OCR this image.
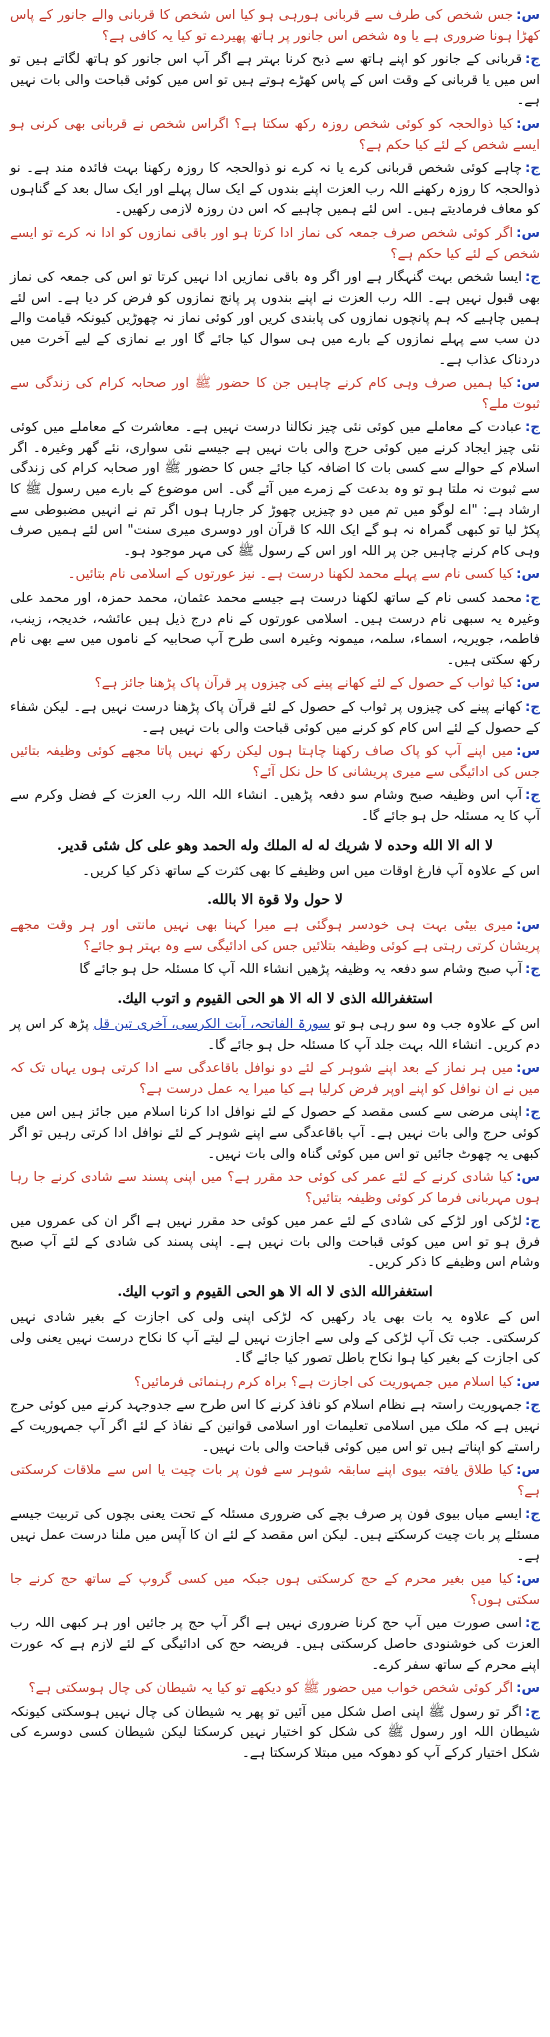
س:جس شخص کی طرف سے قربانی ہورہی ہو کیا اس شخص کا قربانی والے جانور کے پاس کھڑا ہونا ضروری ہے یا وہ شخص اس جانور پر ہاتھ پھیردے تو کیا یہ کافی ہے؟

ج:قربانی کے جانور کو اپنے ہاتھ سے ذبح کرنا بہتر ہے اگر آپ اس جانور کو ہاتھ لگاتے ہیں تو اس میں یا قربانی کے وقت اس کے پاس کھڑے ہوتے ہیں تو اس میں کوئی قباحت والی بات نہیں ہے۔

س:کیا ذوالحجہ کو کوئی شخص روزہ رکھ سکتا ہے؟ اگراس شخص نے قربانی بھی کرنی ہو ایسے شخص کے لئے کیا حکم ہے؟

ج:چاہے کوئی شخص قربانی کرے یا نہ کرے نو ذوالحجہ کا روزہ رکھنا بہت فائدہ مند ہے۔ نو ذوالحجہ کا روزہ رکھنے اللہ رب العزت اپنے بندوں کے ایک سال پہلے اور ایک سال بعد کے گناہوں کو معاف فرمادیتے ہیں۔ اس لئے ہمیں چاہیے کہ اس دن روزہ لازمی رکھیں۔

س:اگر کوئی شخص صرف جمعہ کی نماز ادا کرتا ہو اور باقی نمازوں کو ادا نہ کرے تو ایسے شخص کے لئے کیا حکم ہے؟

ج:ایسا شخص بہت گنہگار ہے اور اگر وہ باقی نمازیں ادا نہیں کرتا تو اس کی جمعہ کی نماز بھی قبول نہیں ہے۔ اللہ رب العزت نے اپنے بندوں پر پانچ نمازوں کو فرض کر دیا ہے۔ اس لئے ہمیں چاہیے کہ ہم پانچوں نمازوں کی پابندی کریں اور کوئی نماز نہ چھوڑیں کیونکہ قیامت والے دن سب سے پہلے نمازوں کے بارے میں ہی سوال کیا جائے گا اور بے نمازی کے لیے آخرت میں دردناک عذاب ہے۔

س:کیا ہمیں صرف وہی کام کرنے چاہیں جن کا حضور ﷺ اور صحابہ کرام کی زندگی سے ثبوت ملے؟

ج:عبادت کے معاملے میں کوئی نئی چیز نکالنا درست نہیں ہے۔ معاشرت کے معاملے میں کوئی نئی چیز ایجاد کرنے میں کوئی حرج والی بات نہیں ہے جیسے نئی سواری، نئے گھر وغیرہ۔ اگر اسلام کے حوالے سے کسی بات کا اضافہ کیا جائے جس کا حضور ﷺ اور صحابہ کرام کی زندگی سے ثبوت نہ ملتا ہو تو وہ بدعت کے زمرے میں آئے گی۔ اس موضوع کے بارے میں رسول ﷺ کا ارشاد ہے: "اے لوگو میں تم میں دو چیزیں چھوڑ کر جارہا ہوں اگر تم نے انہیں مضبوطی سے پکڑ لیا تو کبھی گمراہ نہ ہو گے ایک اللہ کا قرآن اور دوسری میری سنت" اس لئے ہمیں صرف وہی کام کرنے چاہیں جن پر اللہ اور اس کے رسول ﷺ کی مہر موجود ہو۔

س:کیا کسی نام سے پہلے محمد لکھنا درست ہے۔ نیز عورتوں کے اسلامی نام بتائیں۔

ج:محمد کسی نام کے ساتھ لکھنا درست ہے جیسے محمد عثمان، محمد حمزہ، اور محمد علی وغیرہ یہ سبھی نام درست ہیں۔ اسلامی عورتوں کے نام درج ذیل ہیں عائشہ، خدیجہ، زینب، فاطمہ، جویریہ، اسماء، سلمہ، میمونہ وغیرہ اسی طرح آپ صحابیہ کے ناموں میں سے بھی نام رکھ سکتی ہیں۔

س:کیا ثواب کے حصول کے لئے کھانے پینے کی چیزوں پر قرآن پاک پڑھنا جائز ہے؟

ج:کھانے پینے کی چیزوں پر ثواب کے حصول کے لئے قرآن پاک پڑھنا درست نہیں ہے۔ لیکن شفاء کے حصول کے لئے اس کام کو کرنے میں کوئی قباحت والی بات نہیں ہے۔

س:میں اپنے آپ کو پاک صاف رکھنا چاہتا ہوں لیکن رکھ نہیں پاتا مجھے کوئی وظیفہ بتائیں جس کی ادائیگی سے میری پریشانی کا حل نکل آئے؟

ج:آپ اس وظیفہ صبح وشام سو دفعہ پڑھیں۔ انشاء اللہ اللہ رب العزت کے فضل وکرم سے آپ کا یہ مسئلہ حل ہو جائے گا۔

لا اله الا الله وحده لا شريك له له الملك وله الحمد وهو على كل شئی قدير.

اس کے علاوہ آپ فارغ اوقات میں اس وظیفے کا بھی کثرت کے ساتھ ذکر کیا کریں۔

لا حول ولا قوة الا بالله.

س:میری بیٹی بہت ہی خودسر ہوگئی ہے میرا کہنا بھی نہیں مانتی اور ہر وقت مجھے پریشان کرتی رہتی ہے کوئی وظیفہ بتلائیں جس کی ادائیگی سے وہ بہتر ہو جائے؟

ج:آپ صبح وشام سو دفعہ یہ وظیفہ پڑھیں انشاء اللہ آپ کا مسئلہ حل ہو جائے گا

استغفرالله الذی لا اله الا هو الحی القيوم و اتوب اليك.

اس کے علاوہ جب وہ سو رہی ہو تو سورۃ الفاتحہ، آیت الکرسی، آخری تین قل پڑھ کر اس پر دم کریں۔ انشاء اللہ بہت جلد آپ کا مسئلہ حل ہو جائے گا۔

س:میں ہر نماز کے بعد اپنے شوہر کے لئے دو نوافل باقاعدگی سے ادا کرتی ہوں یہاں تک کہ میں نے ان نوافل کو اپنے اوپر فرض کرلیا ہے کیا میرا یہ عمل درست ہے؟

ج:اپنی مرضی سے کسی مقصد کے حصول کے لئے نوافل ادا کرنا اسلام میں جائز ہیں اس میں کوئی حرج والی بات نہیں ہے۔ آپ باقاعدگی سے اپنے شوہر کے لئے نوافل ادا کرتی رہیں تو اگر کبھی یہ چھوٹ جائیں تو اس میں کوئی گناہ والی بات نہیں۔

س:کیا شادی کرنے کے لئے عمر کی کوئی حد مقرر ہے؟ میں اپنی پسند سے شادی کرنے جا رہا ہوں مہربانی فرما کر کوئی وظیفہ بتائیں؟

ج:لڑکی اور لڑکے کی شادی کے لئے عمر میں کوئی حد مقرر نہیں ہے اگر ان کی عمروں میں فرق ہو تو اس میں کوئی قباحت والی بات نہیں ہے۔ اپنی پسند کی شادی کے لئے آپ صبح وشام اس وظیفے کا ذکر کریں۔

استغفرالله الذی لا اله الا هو الحی القيوم و اتوب اليك.

اس کے علاوہ یہ بات بھی یاد رکھیں کہ لڑکی اپنی ولی کی اجازت کے بغیر شادی نہیں کرسکتی۔ جب تک آپ لڑکی کے ولی سے اجازت نہیں لے لیتے آپ کا نکاح درست نہیں یعنی ولی کی اجازت کے بغیر کیا ہوا نکاح باطل تصور کیا جائے گا۔

س:کیا اسلام میں جمہوریت کی اجازت ہے؟ براہ کرم رہنمائی فرمائیں؟

ج:جمہوریت راستہ ہے نظام اسلام کو نافذ کرنے کا اس طرح سے جدوجہد کرنے میں کوئی حرج نہیں ہے کہ ملک میں اسلامی تعلیمات اور اسلامی قوانین کے نفاذ کے لئے اگر آپ جمہوریت کے راستے کو اپناتے ہیں تو اس میں کوئی قباحت والی بات نہیں۔

س:کیا طلاق یافتہ بیوی اپنے سابقہ شوہر سے فون پر بات چیت یا اس سے ملاقات کرسکتی ہے؟

ج:ایسے میاں بیوی فون پر صرف بچے کی ضروری مسئلہ کے تحت یعنی بچوں کی تربیت جیسے مسئلے پر بات چیت کرسکتے ہیں۔ لیکن اس مقصد کے لئے ان کا آپس میں ملنا درست عمل نہیں ہے۔

س:کیا میں بغیر محرم کے حج کرسکتی ہوں جبکہ میں کسی گروپ کے ساتھ حج کرنے جا سکتی ہوں؟

ج:اسی صورت میں آپ حج کرنا ضروری نہیں ہے اگر آپ حج پر جائیں اور ہر کبھی اللہ رب العزت کی خوشنودی حاصل کرسکتی ہیں۔ فریضہ حج کی ادائیگی کے لئے لازم ہے کہ عورت اپنے محرم کے ساتھ سفر کرے۔

س:اگر کوئی شخص خواب میں حضور ﷺ کو دیکھے تو کیا یہ شیطان کی چال ہوسکتی ہے؟

ج:اگر تو رسول ﷺ اپنی اصل شکل میں آئیں تو پھر یہ شیطان کی چال نہیں ہوسکتی کیونکہ شیطان اللہ اور رسول ﷺ کی شکل کو اختیار نہیں کرسکتا لیکن شیطان کسی دوسرے کی شکل اختیار کرکے آپ کو دھوکہ میں مبتلا کرسکتا ہے۔
